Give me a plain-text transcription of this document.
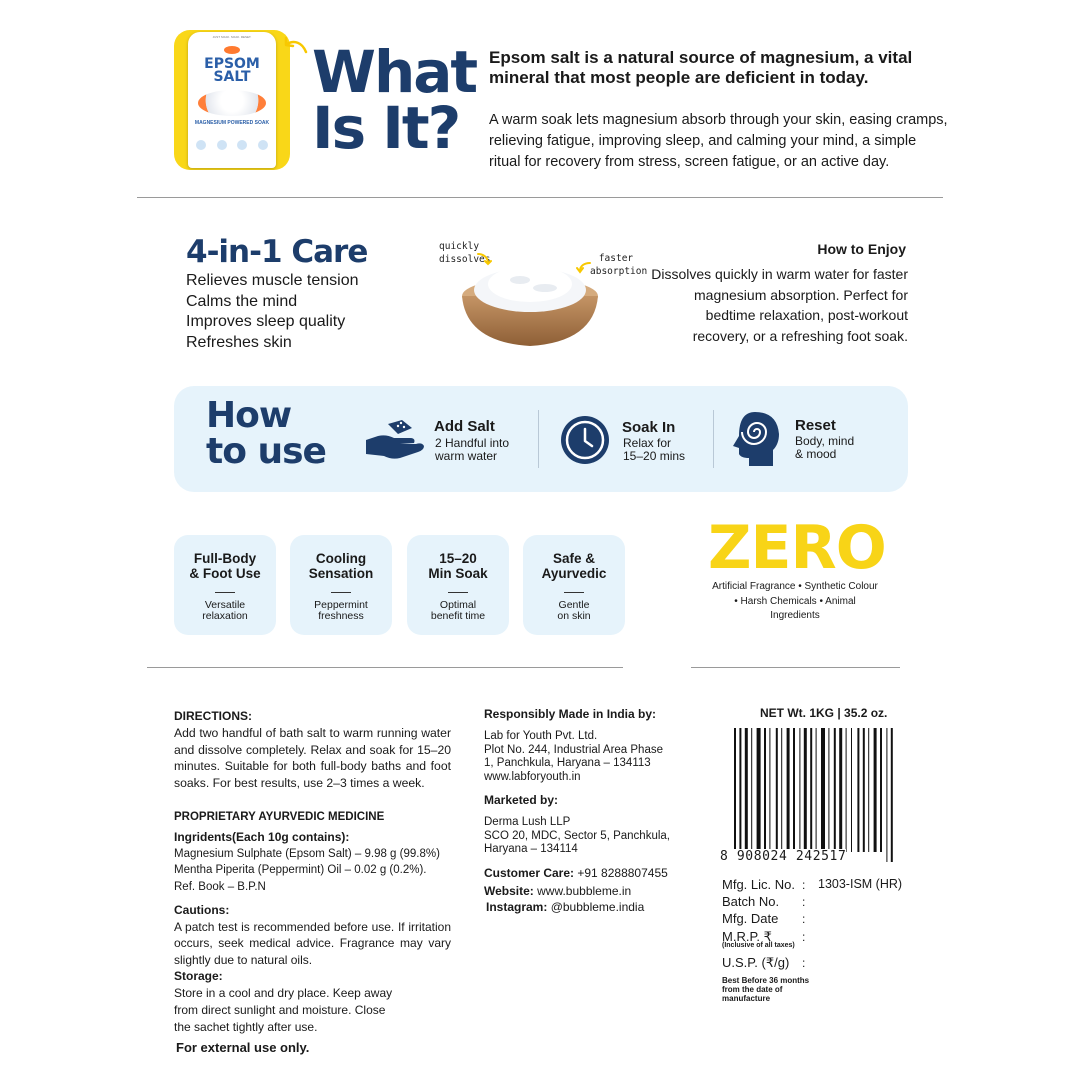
JUST SOAK. SOAK. RESET.
EPSOM
SALT
MAGNESIUM POWERED SOAK
What
Is It?
Epsom salt is a natural source of magnesium, a vital mineral that most people are deficient in today.
A warm soak lets magnesium absorb through your skin, easing cramps, relieving fatigue, improving sleep, and calming your mind, a simple ritual for recovery from stress, screen fatigue, or an active day.
4-in-1 Care
Relieves muscle tension
Calms the mind
Improves sleep quality
Refreshes skin
quickly dissolves	faster absorption
How to Enjoy
Dissolves quickly in warm water for faster magnesium absorption. Perfect for bedtime relaxation, post-workout recovery, or a refreshing foot soak.
How
to use
Add Salt
2 Handful into
warm water
Soak In
Relax for
15–20 mins
Reset
Body, mind
& mood
Full-Body
& Foot Use
Versatile
relaxation
Cooling
Sensation
Peppermint
freshness
15–20
Min Soak
Optimal
benefit time
Safe &
Ayurvedic
Gentle
on skin
ZERO
Artificial Fragrance • Synthetic Colour
• Harsh Chemicals • Animal
Ingredients
DIRECTIONS:
Add two handful of bath salt to warm running water and dissolve completely. Relax and soak for 15–20 minutes. Suitable for both full-body baths and foot soaks. For best results, use 2–3 times a week.
PROPRIETARY AYURVEDIC MEDICINE
Ingridents(Each 10g contains):
Magnesium Sulphate (Epsom Salt) – 9.98 g (99.8%)
Mentha Piperita (Peppermint) Oil – 0.02 g (0.2%).
Ref. Book – B.P.N
Cautions:
A patch test is recommended before use. If irritation occurs, seek medical advice. Fragrance may vary slightly due to natural oils.
Storage:
Store in a cool and dry place. Keep away
from direct sunlight and moisture. Close
the sachet tightly after use.
For external use only.
Responsibly Made in India by:
Lab for Youth Pvt. Ltd.
Plot No. 244, Industrial Area Phase
1, Panchkula, Haryana – 134113
www.labforyouth.in
Marketed by:
Derma Lush LLP
SCO 20, MDC, Sector 5, Panchkula,
Haryana – 134114
Customer Care: +91 8288807455
Website: www.bubbleme.in
Instagram: @bubbleme.india
NET Wt. 1KG | 35.2 oz.
8 908024 242517
Mfg. Lic. No. : 1303-ISM (HR)
Batch No. :
Mfg. Date :
M.R.P. ₹	:
(Inclusive of all taxes)
U.S.P. (₹/g) :
Best Before 36 months from the date of manufacture
